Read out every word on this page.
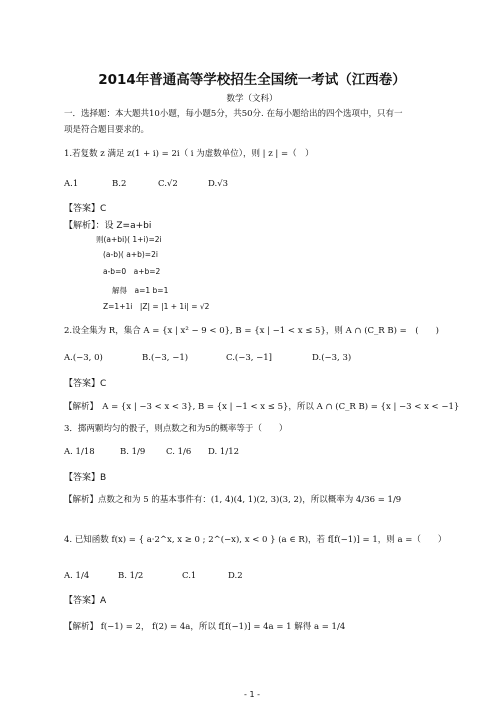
2014年普通高等学校招生全国统一考试（江西卷）
数学（文科）
一．选择题：本大题共10小题，每小题5分，共50分. 在每小题给出的四个选项中，只有一
项是符合题目要求的。
1.若复数 z 满足 z(1 + i) = 2i（ i 为虚数单位），则 | z | =（　）
A.1	B.2	C.√2	D.√3
【答案】C
【解析】：设 Z=a+bi
则(a+bi)( 1+i)=2i
(a-b)( a+b)=2i
a-b=0　a+b=2
解得　a=1 b=1
Z=1+1i　|Z| = |1 + 1i| = √2
2.设全集为 R，集合 A = {x | x² − 9 < 0}, B = {x | −1 < x ≤ 5}，则 A ∩ (C_R B) =　(　　)
A.(−3, 0)	B.(−3, −1)	C.(−3, −1]	D.(−3, 3)
【答案】C
【解析】　A = {x | −3 < x < 3}, B = {x | −1 < x ≤ 5}，所以 A ∩ (C_R B) = {x | −3 < x < −1}
3．掷两颗均匀的骰子，则点数之和为5的概率等于（　　）
A. 1/18	B. 1/9 C. 1/6 D. 1/12
【答案】B
【解析】点数之和为 5 的基本事件有：(1, 4)(4, 1)(2, 3)(3, 2)，所以概率为 4/36 = 1/9
4. 已知函数 f(x) = { a·2^x, x ≥ 0 ; 2^(−x), x < 0 } (a ∈ R)，若 f[f(−1)] = 1，则 a =（　　）
A. 1/4	B. 1/2	C.1	D.2
【答案】A
【解析】 f(−1) = 2， f(2) = 4a，所以 f[f(−1)] = 4a = 1 解得 a = 1/4
- 1 -
